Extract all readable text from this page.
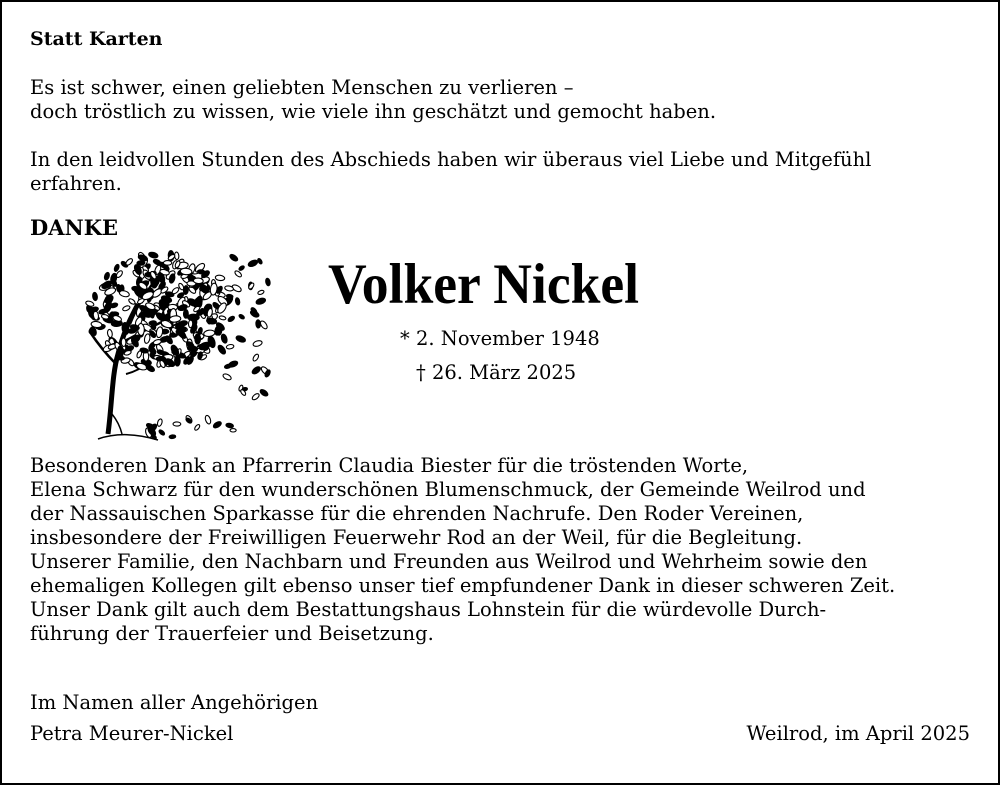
Statt Karten
Es ist schwer, einen geliebten Menschen zu verlieren –
doch tröstlich zu wissen, wie viele ihn geschätzt und gemocht haben.
In den leidvollen Stunden des Abschieds haben wir überaus viel Liebe und Mitgefühl
erfahren.
DANKE
Volker Nickel
* 2. November 1948
† 26. März 2025
Besonderen Dank an Pfarrerin Claudia Biester für die tröstenden Worte,
Elena Schwarz für den wunderschönen Blumenschmuck, der Gemeinde Weilrod und
der Nassauischen Sparkasse für die ehrenden Nachrufe. Den Roder Vereinen,
insbesondere der Freiwilligen Feuerwehr Rod an der Weil, für die Begleitung.
Unserer Familie, den Nachbarn und Freunden aus Weilrod und Wehrheim sowie den
ehemaligen Kollegen gilt ebenso unser tief empfundener Dank in dieser schweren Zeit.
Unser Dank gilt auch dem Bestattungshaus Lohnstein für die würdevolle Durch-
führung der Trauerfeier und Beisetzung.
Im Namen aller Angehörigen
Petra Meurer-Nickel	Weilrod, im April 2025
